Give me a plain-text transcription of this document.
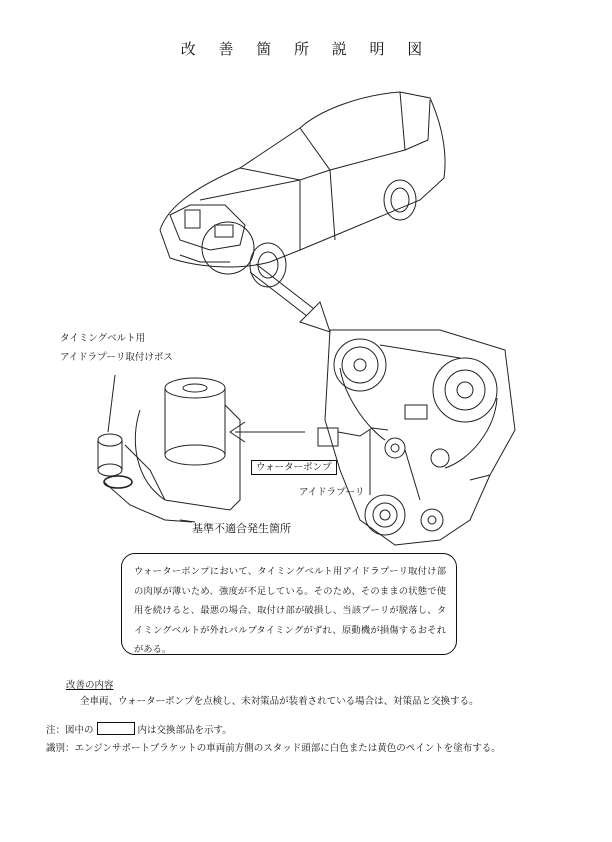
改 善 箇 所 説 明 図
タイミングベルト用
アイドラプーリ取付けボス
ウォーターポンプ
アイドラプーリ
基準不適合発生箇所
ウォーターポンプにおいて、タイミングベルト用アイドラプーリ取付け部の肉厚が薄いため、強度が不足している。そのため、そのままの状態で使用を続けると、最悪の場合、取付け部が破損し、当該プーリが脱落し、タイミングベルトが外れバルブタイミングがずれ、原動機が損傷するおそれがある。
改善の内容
全車両、ウォーターポンプを点検し、未対策品が装着されている場合は、対策品と交換する。
注：図中の	内は交換部品を示す。
識別：エンジンサポートブラケットの車両前方側のスタッド頭部に白色または黄色のペイントを塗布する。
